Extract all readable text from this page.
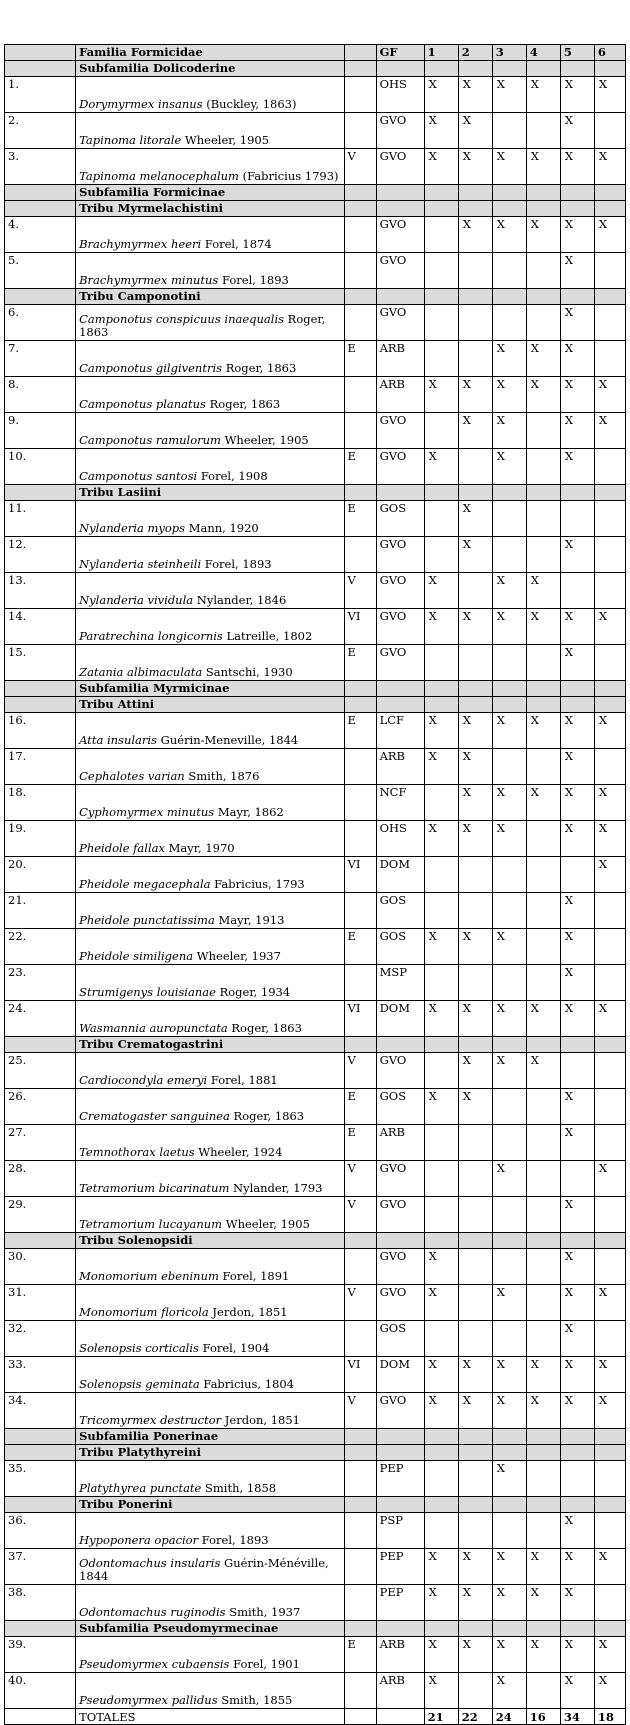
	Familia Formicidae		GF	1	2	3	4	5	6
	Subfamilia Dolicoderine								
1.	Dorymyrmex insanus (Buckley, 1863)		OHS	X	X	X	X	X	X
2.	Tapinoma litorale Wheeler, 1905		GVO	X	X			X	
3.	Tapinoma melanocephalum (Fabricius 1793)	V	GVO	X	X	X	X	X	X
	Subfamilia Formicinae								
	Tribu Myrmelachistini								
4.	Brachymyrmex heeri Forel, 1874		GVO		X	X	X	X	X
5.	Brachymyrmex minutus Forel, 1893		GVO					X	
	Tribu Camponotini								
6.	Camponotus conspicuus inaequalis Roger, 1863		GVO					X	
7.	Camponotus gilgiventris Roger, 1863	E	ARB			X	X	X	
8.	Camponotus planatus Roger, 1863		ARB	X	X	X	X	X	X
9.	Camponotus ramulorum Wheeler, 1905		GVO		X	X		X	X
10.	Camponotus santosi Forel, 1908	E	GVO	X		X		X	
	Tribu Lasiini								
11.	Nylanderia myops Mann, 1920	E	GOS		X				
12.	Nylanderia steinheili Forel, 1893		GVO		X			X	
13.	Nylanderia vividula Nylander, 1846	V	GVO	X		X	X		
14.	Paratrechina longicornis Latreille, 1802	VI	GVO	X	X	X	X	X	X
15.	Zatania albimaculata Santschi, 1930	E	GVO					X	
	Subfamilia Myrmicinae								
	Tribu Attini								
16.	Atta insularis Guérin-Meneville, 1844	E	LCF	X	X	X	X	X	X
17.	Cephalotes varian Smith, 1876		ARB	X	X			X	
18.	Cyphomyrmex minutus Mayr, 1862		NCF		X	X	X	X	X
19.	Pheidole fallax Mayr, 1970		OHS	X	X	X		X	X
20.	Pheidole megacephala Fabricius, 1793	VI	DOM						X
21.	Pheidole punctatissima Mayr, 1913		GOS					X	
22.	Pheidole similigena Wheeler, 1937	E	GOS	X	X	X		X	
23.	Strumigenys louisianae Roger, 1934		MSP					X	
24.	Wasmannia auropunctata Roger, 1863	VI	DOM	X	X	X	X	X	X
	Tribu Crematogastrini								
25.	Cardiocondyla emeryi Forel, 1881	V	GVO		X	X	X		
26.	Crematogaster sanguinea Roger, 1863	E	GOS	X	X			X	
27.	Temnothorax laetus Wheeler, 1924	E	ARB					X	
28.	Tetramorium bicarinatum Nylander, 1793	V	GVO			X			X
29.	Tetramorium lucayanum Wheeler, 1905	V	GVO					X	
	Tribu Solenopsidi								
30.	Monomorium ebeninum Forel, 1891		GVO	X				X	
31.	Monomorium floricola Jerdon, 1851	V	GVO	X		X		X	X
32.	Solenopsis corticalis Forel, 1904		GOS					X	
33.	Solenopsis geminata Fabricius, 1804	VI	DOM	X	X	X	X	X	X
34.	Tricomyrmex destructor Jerdon, 1851	V	GVO	X	X	X	X	X	X
	Subfamilia Ponerinae								
	Tribu Platythyreini								
35.	Platythyrea punctate Smith, 1858		PEP			X			
	Tribu Ponerini								
36.	Hypoponera opacior Forel, 1893		PSP					X	
37.	Odontomachus insularis Guérin-Ménéville, 1844		PEP	X	X	X	X	X	X
38.	Odontomachus ruginodis Smith, 1937		PEP	X	X	X	X	X	
	Subfamilia Pseudomyrmecinae								
39.	Pseudomyrmex cubaensis Forel, 1901	E	ARB	X	X	X	X	X	X
40.	Pseudomyrmex pallidus Smith, 1855		ARB	X		X		X	X
	TOTALES			21	22	24	16	34	18
